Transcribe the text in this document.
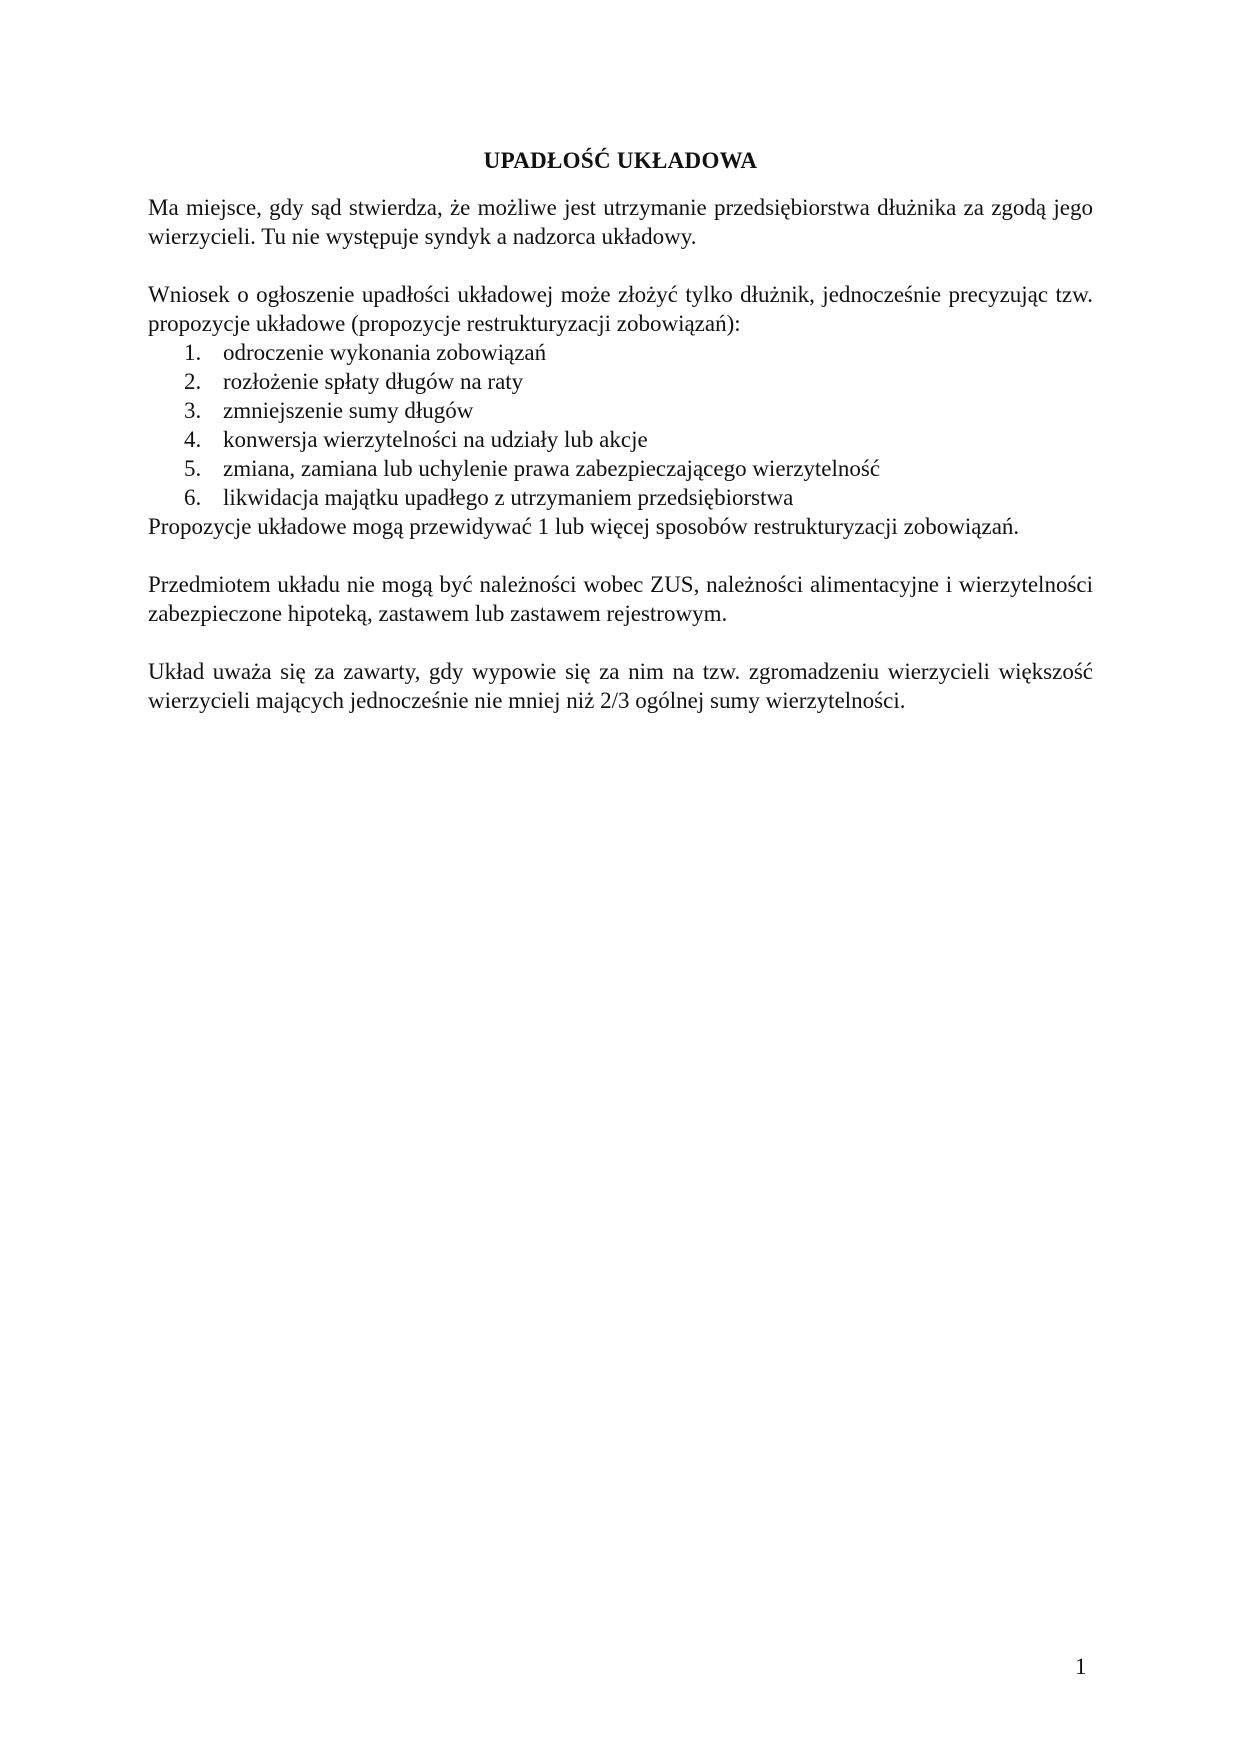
UPADŁOŚĆ UKŁADOWA

Ma miejsce, gdy sąd stwierdza, że możliwe jest utrzymanie przedsiębiorstwa dłużnika za zgodą jego wierzycieli. Tu nie występuje syndyk a nadzorca układowy.

Wniosek o ogłoszenie upadłości układowej może złożyć tylko dłużnik, jednocześnie precyzując tzw. propozycje układowe (propozycje restrukturyzacji zobowiązań):

1. odroczenie wykonania zobowiązań
2. rozłożenie spłaty długów na raty
3. zmniejszenie sumy długów
4. konwersja wierzytelności na udziały lub akcje
5. zmiana, zamiana lub uchylenie prawa zabezpieczającego wierzytelność
6. likwidacja majątku upadłego z utrzymaniem przedsiębiorstwa

Propozycje układowe mogą przewidywać 1 lub więcej sposobów restrukturyzacji zobowiązań.

Przedmiotem układu nie mogą być należności wobec ZUS, należności alimentacyjne i wierzytelności zabezpieczone hipoteką, zastawem lub zastawem rejestrowym.

Układ uważa się za zawarty, gdy wypowie się za nim na tzw. zgromadzeniu wierzycieli większość wierzycieli mających jednocześnie nie mniej niż 2/3 ogólnej sumy wierzytelności.

1
